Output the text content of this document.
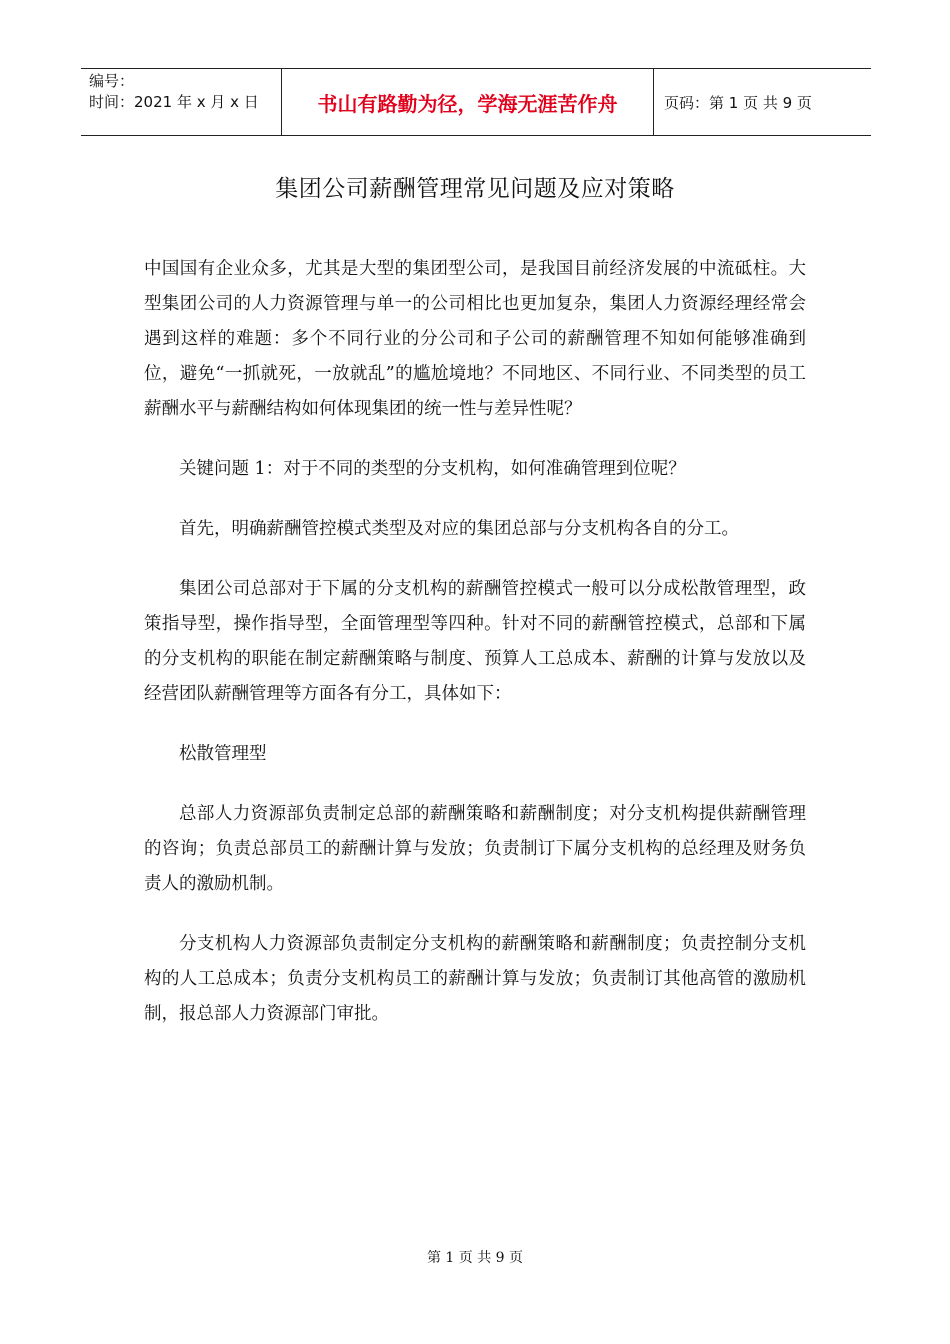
编号：
时间：2021 年 x 月 x 日	书山有路勤为径，学海无涯苦作舟	页码：第 1 页 共 9 页
集团公司薪酬管理常见问题及应对策略

中国国有企业众多，尤其是大型的集团型公司，是我国目前经济发展的中流砥柱。大型集团公司的人力资源管理与单一的公司相比也更加复杂，集团人力资源经理经常会遇到这样的难题：多个不同行业的分公司和子公司的薪酬管理不知如何能够准确到位，避免“一抓就死，一放就乱”的尴尬境地？不同地区、不同行业、不同类型的员工薪酬水平与薪酬结构如何体现集团的统一性与差异性呢？

关键问题 1：对于不同的类型的分支机构，如何准确管理到位呢？

首先，明确薪酬管控模式类型及对应的集团总部与分支机构各自的分工。

集团公司总部对于下属的分支机构的薪酬管控模式一般可以分成松散管理型，政策指导型，操作指导型，全面管理型等四种。针对不同的薪酬管控模式，总部和下属的分支机构的职能在制定薪酬策略与制度、预算人工总成本、薪酬的计算与发放以及经营团队薪酬管理等方面各有分工，具体如下：

松散管理型

总部人力资源部负责制定总部的薪酬策略和薪酬制度；对分支机构提供薪酬管理的咨询；负责总部员工的薪酬计算与发放；负责制订下属分支机构的总经理及财务负责人的激励机制。

分支机构人力资源部负责制定分支机构的薪酬策略和薪酬制度；负责控制分支机构的人工总成本；负责分支机构员工的薪酬计算与发放；负责制订其他高管的激励机制，报总部人力资源部门审批。

第 1 页 共 9 页
